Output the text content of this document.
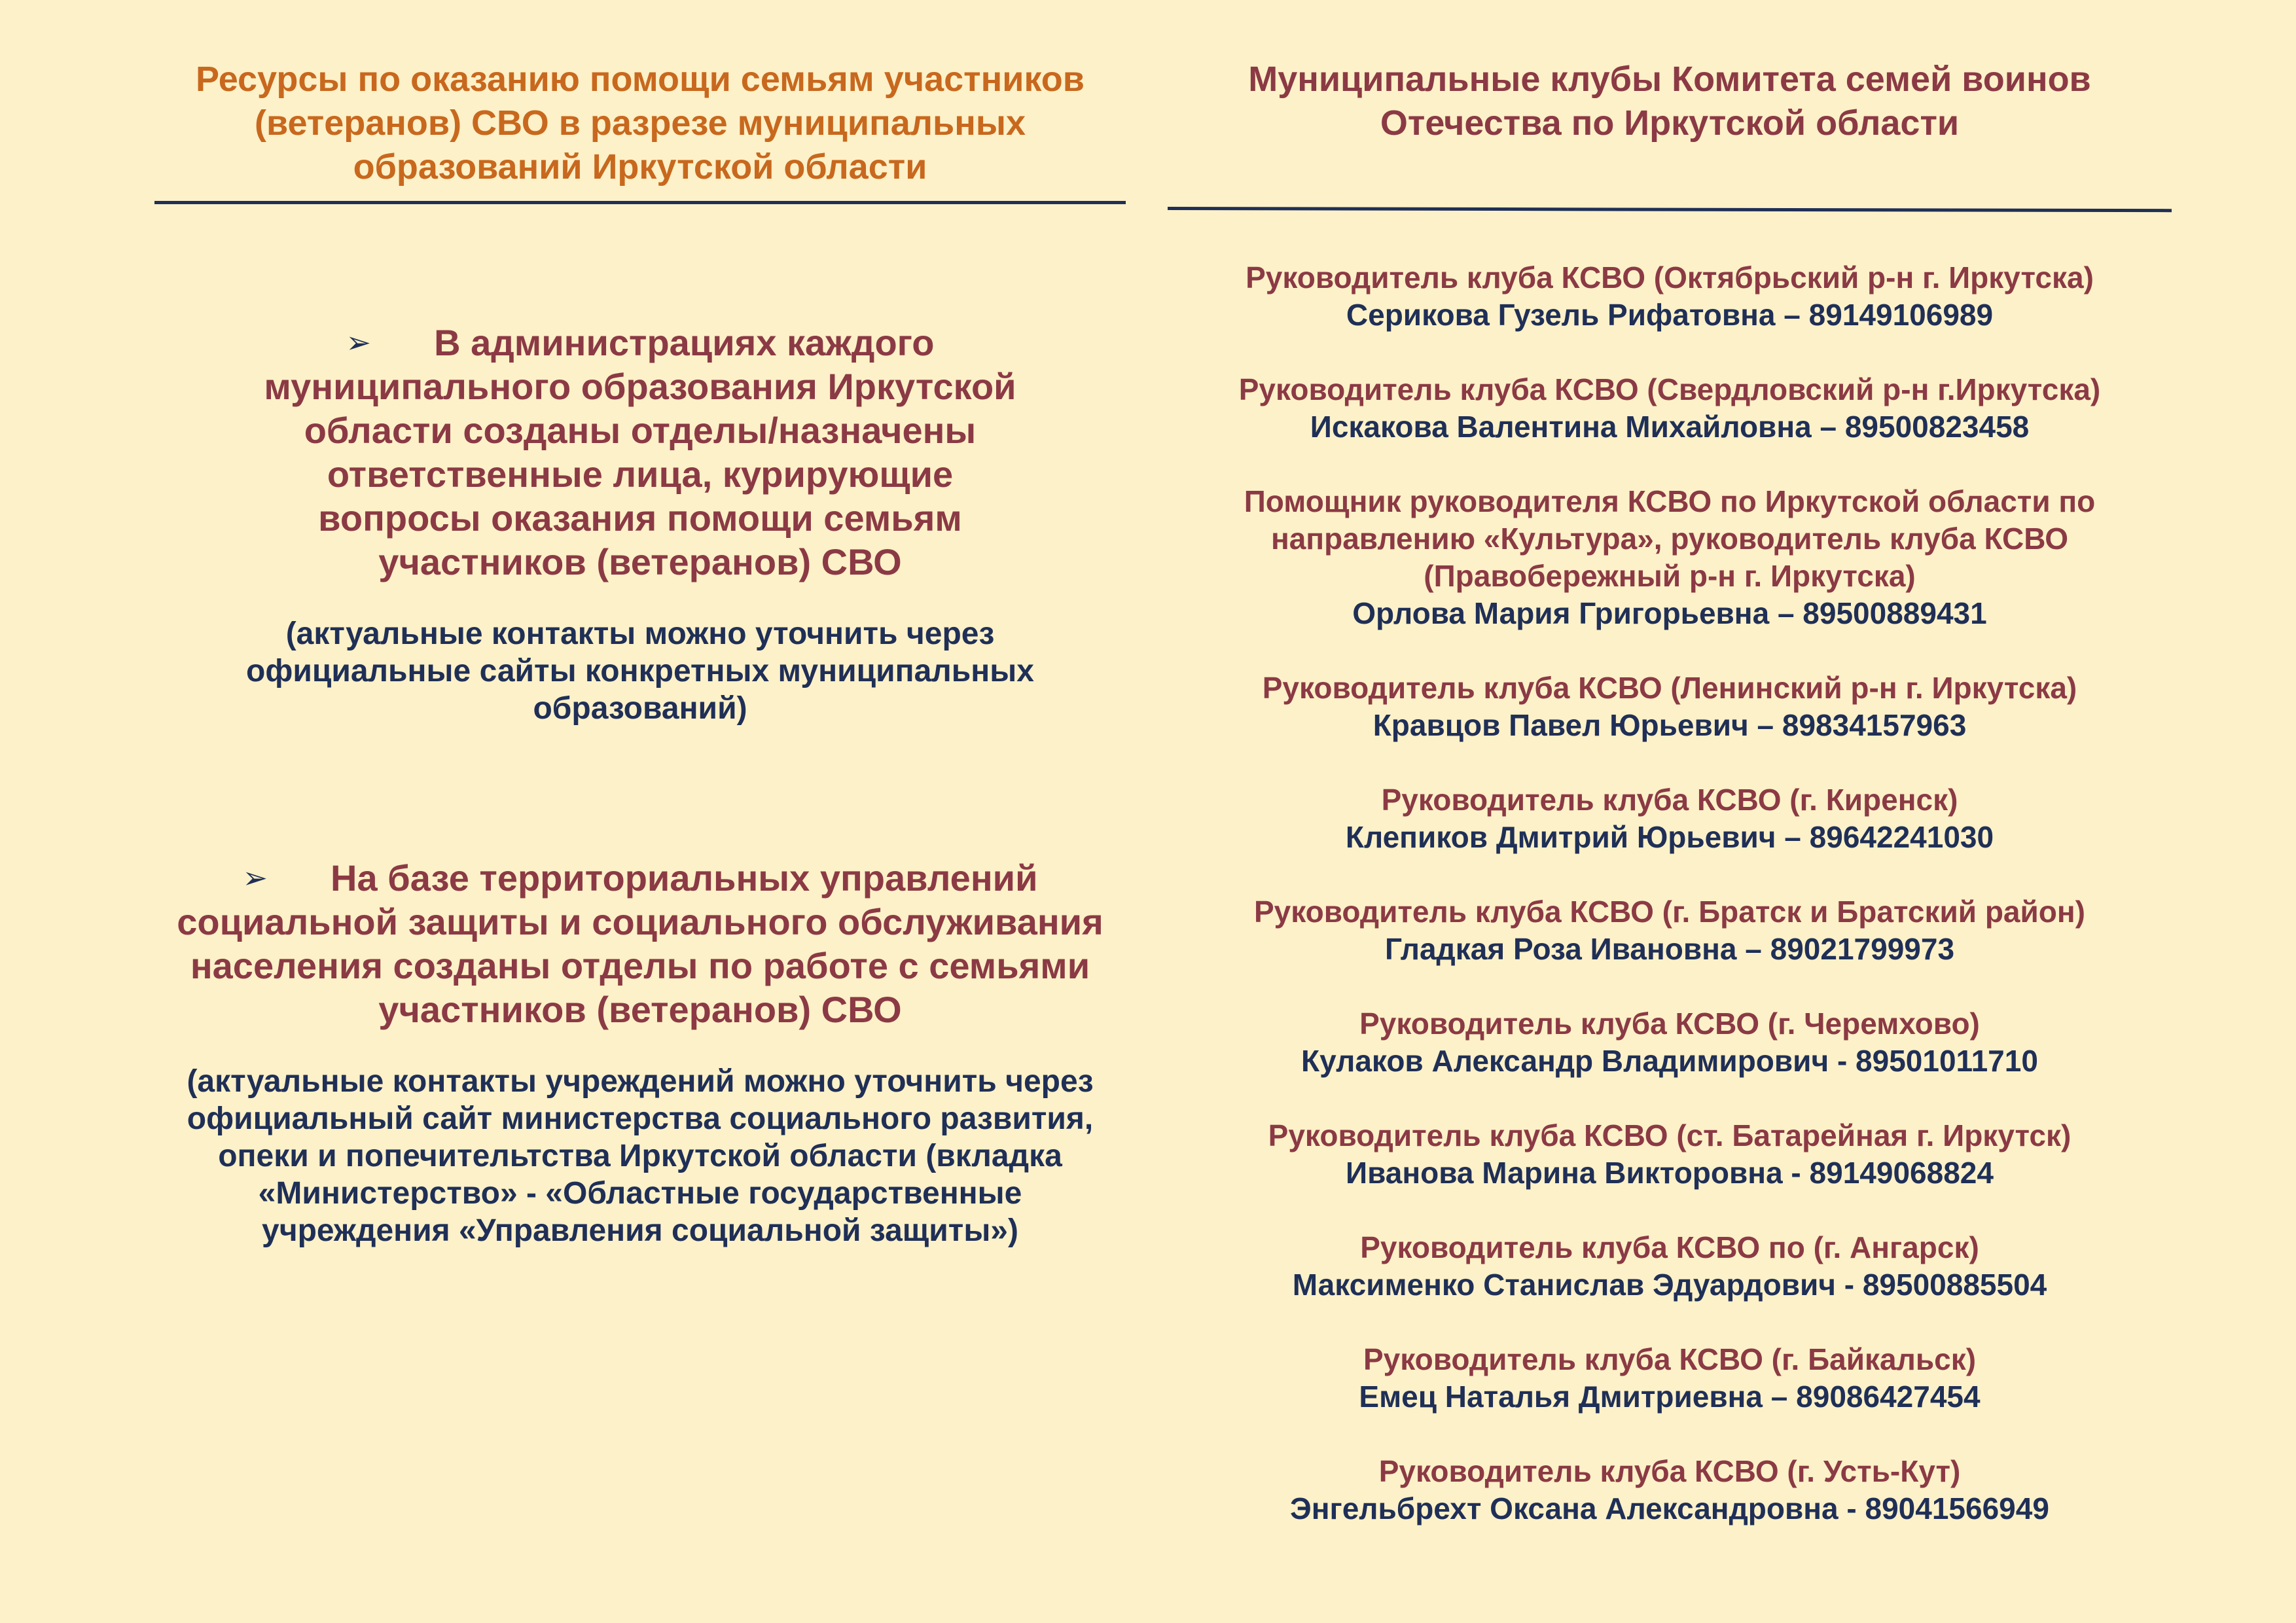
Ресурсы по оказанию помощи семьям участников (ветеранов) СВО в разрезе муниципальных образований Иркутской области
➢ В администрациях каждого муниципального образования Иркутской области созданы отделы/назначены ответственные лица, курирующие вопросы оказания помощи семьям участников (ветеранов) СВО
(актуальные контакты можно уточнить через официальные сайты конкретных муниципальных образований)
➢ На базе территориальных управлений социальной защиты и социального обслуживания населения созданы отделы по работе с семьями участников (ветеранов) СВО
(актуальные контакты учреждений можно уточнить через официальный сайт министерства социального развития, опеки и попечительтства Иркутской области (вкладка «Министерство» - «Областные государственные учреждения «Управления социальной защиты»)
Муниципальные клубы Комитета семей воинов Отечества по Иркутской области
Руководитель клуба КСВО (Октябрьский р-н г. Иркутска)
Серикова Гузель Рифатовна – 89149106989
Руководитель клуба КСВО (Свердловский р-н г.Иркутска)
Искакова Валентина Михайловна – 89500823458
Помощник руководителя КСВО по Иркутской области по направлению «Культура», руководитель клуба КСВО (Правобережный р-н г. Иркутска)
Орлова Мария Григорьевна – 89500889431
Руководитель клуба КСВО (Ленинский р-н г. Иркутска)
Кравцов Павел Юрьевич – 89834157963
Руководитель клуба КСВО (г. Киренск)
Клепиков Дмитрий Юрьевич – 89642241030
Руководитель клуба КСВО (г. Братск и Братский район)
Гладкая Роза Ивановна – 89021799973
Руководитель клуба КСВО (г. Черемхово)
Кулаков Александр Владимирович - 89501011710
Руководитель клуба КСВО (ст. Батарейная г. Иркутск)
Иванова Марина Викторовна - 89149068824
Руководитель клуба КСВО по (г. Ангарск)
Максименко Станислав Эдуардович - 89500885504
Руководитель клуба КСВО (г. Байкальск)
Емец Наталья Дмитриевна – 89086427454
Руководитель клуба КСВО (г. Усть-Кут)
Энгельбрехт Оксана Александровна - 89041566949
